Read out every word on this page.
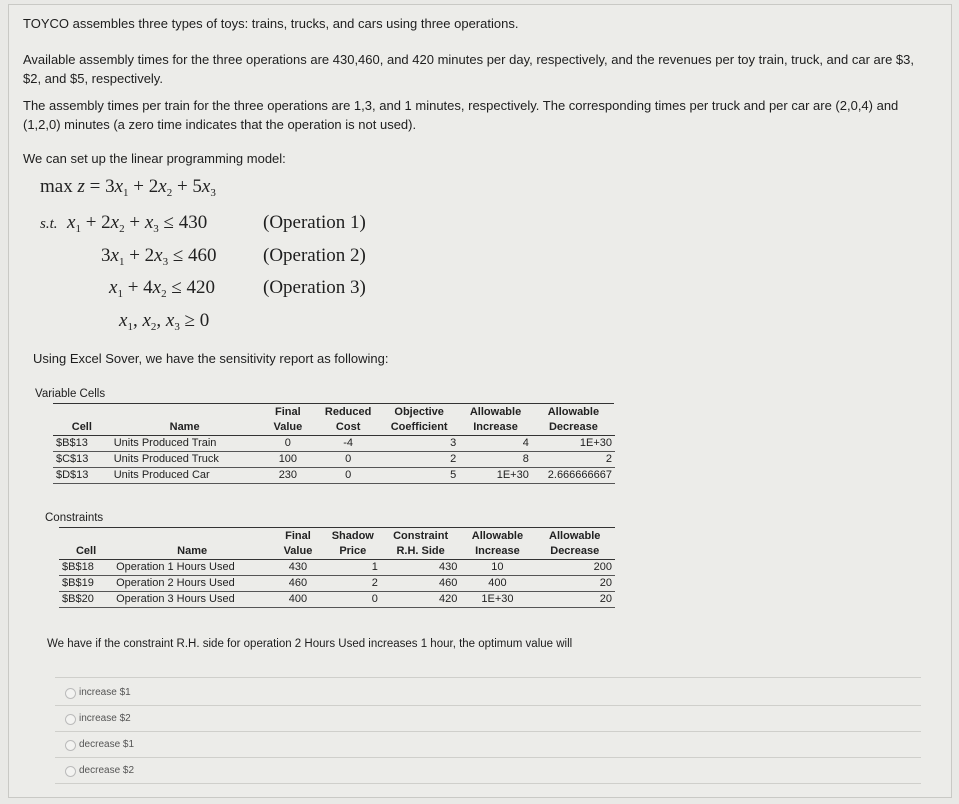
TOYCO assembles three types of toys: trains, trucks, and cars using three operations.
Available assembly times for the three operations are 430,460, and 420 minutes per day, respectively, and the revenues per toy train, truck, and car are $3, $2, and $5, respectively.
The assembly times per train for the three operations are 1,3, and 1 minutes, respectively. The corresponding times per truck and per car are (2,0,4) and (1,2,0) minutes (a zero time indicates that the operation is not used).
We can set up the linear programming model:
$\max z = 3x_1 + 2x_2 + 5x_3$
s.t. $x_1 + 2x_2 + x_3 \le 430$	(Operation 1)
$3x_1 + 2x_3 \le 460$ (Operation 2)
$x_1 + 4x_2 \le 420$	(Operation 3)
$x_1$, $x_2$, $x_3 \ge 0$
Using Excel Sover, we have the sensitivity report as following:
Variable Cells
		Final	Reduced	Objective	Allowable	Allowable
Cell	Name	Value	Cost	Coefficient	Increase	Decrease
$B$13	Units Produced Train	0	-4	3	4	1E+30
$C$13	Units Produced Truck	100	0	2	8	2
$D$13	Units Produced Car	230	0	5	1E+30	2.666666667
Constraints
		Final	Shadow	Constraint	Allowable	Allowable
Cell	Name	Value	Price	R.H. Side	Increase	Decrease
$B$18	Operation 1 Hours Used	430	1	430	10	200
$B$19	Operation 2 Hours Used	460	2	460	400	20
$B$20	Operation 3 Hours Used	400	0	420	1E+30	20
We have if the constraint R.H. side for operation 2 Hours Used increases 1 hour, the optimum value will
increase $1
increase $2
decrease $1
decrease $2
